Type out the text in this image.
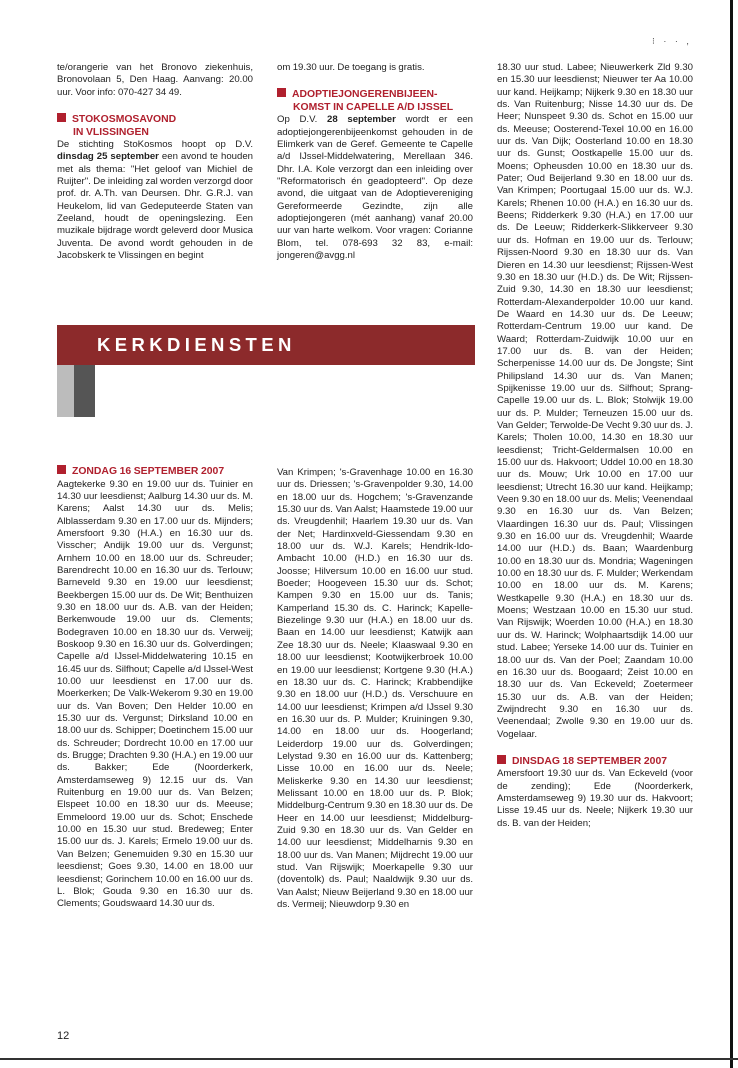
⁝ · · ,

te/orangerie van het Bronovo ziekenhuis, Bronovolaan 5, Den Haag. Aanvang: 20.00 uur. Voor info: 070-427 34 49.

STOKOSMOSAVOND
IN VLISSINGEN

De stichting StoKosmos hoopt op D.V. dinsdag 25 september een avond te houden met als thema: "Het geloof van Michiel de Ruijter". De inleiding zal worden verzorgd door prof. dr. A.Th. van Deursen. Dhr. G.R.J. van Heukelom, lid van Gedeputeerde Staten van Zeeland, houdt de openingslezing. Een muzikale bijdrage wordt geleverd door Musica Juventa. De avond wordt gehouden in de Jacobskerk te Vlissingen en begint

om 19.30 uur. De toegang is gratis.

ADOPTIEJONGERENBIJEEN-
KOMST IN CAPELLE A/D IJSSEL

Op D.V. 28 september wordt er een adoptiejongerenbijeenkomst gehouden in de Elimkerk van de Geref. Gemeente te Capelle a/d IJssel-Middelwatering, Merellaan 346. Dhr. I.A. Kole verzorgt dan een inleiding over "Reformatorisch én geadopteerd". Op deze avond, die uitgaat van de Adoptievereniging Gereformeerde Gezindte, zijn alle adoptiejongeren (mét aanhang) vanaf 20.00 uur van harte welkom. Voor vragen: Corianne Blom, tel. 078-693 32 83, e-mail: jongeren@avgg.nl

KERKDIENSTEN

ZONDAG 16 SEPTEMBER 2007

Aagtekerke 9.30 en 19.00 uur ds. Tuinier en 14.30 uur leesdienst; Aalburg 14.30 uur ds. M. Karens; Aalst 14.30 uur ds. Melis; Alblasserdam 9.30 en 17.00 uur ds. Mijnders; Amersfoort 9.30 (H.A.) en 16.30 uur ds. Visscher; Andijk 19.00 uur ds. Vergunst; Arnhem 10.00 en 18.00 uur ds. Schreuder; Barendrecht 10.00 en 16.30 uur ds. Terlouw; Barneveld 9.30 en 19.00 uur leesdienst; Beekbergen 15.00 uur ds. De Wit; Benthuizen 9.30 en 18.00 uur ds. A.B. van der Heiden; Berkenwoude 19.00 uur ds. Clements; Bodegraven 10.00 en 18.30 uur ds. Verweij; Boskoop 9.30 en 16.30 uur ds. Golverdingen; Capelle a/d IJssel-Middelwatering 10.15 en 16.45 uur ds. Silfhout; Capelle a/d IJssel-West 10.00 uur leesdienst en 17.00 uur ds. Moerkerken; De Valk-Wekerom 9.30 en 19.00 uur ds. Van Boven; Den Helder 10.00 en 15.30 uur ds. Vergunst; Dirksland 10.00 en 18.00 uur ds. Schipper; Doetinchem 15.00 uur ds. Schreuder; Dordrecht 10.00 en 17.00 uur ds. Brugge; Drachten 9.30 (H.A.) en 19.00 uur ds. Bakker; Ede (Noorderkerk, Amsterdamseweg 9) 12.15 uur ds. Van Ruitenburg en 19.00 uur ds. Van Belzen; Elspeet 10.00 en 18.30 uur ds. Meeuse; Emmeloord 19.00 uur ds. Schot; Enschede 10.00 en 15.30 uur stud. Bredeweg; Enter 15.00 uur ds. J. Karels; Ermelo 19.00 uur ds. Van Belzen; Genemuiden 9.30 en 15.30 uur leesdienst; Goes 9.30, 14.00 en 18.00 uur leesdienst; Gorinchem 10.00 en 16.00 uur ds. L. Blok; Gouda 9.30 en 16.30 uur ds. Clements; Goudswaard 14.30 uur ds.

Van Krimpen; 's-Gravenhage 10.00 en 16.30 uur ds. Driessen; 's-Gravenpolder 9.30, 14.00 en 18.00 uur ds. Hogchem; 's-Gravenzande 15.30 uur ds. Van Aalst; Haamstede 19.00 uur ds. Vreugdenhil; Haarlem 19.30 uur ds. Van der Net; Hardinxveld-Giessendam 9.30 en 18.00 uur ds. W.J. Karels; Hendrik-Ido-Ambacht 10.00 (H.D.) en 16.30 uur ds. Joosse; Hilversum 10.00 en 16.00 uur stud. Boeder; Hoogeveen 15.30 uur ds. Schot; Kampen 9.30 en 15.00 uur ds. Tanis; Kamperland 15.30 ds. C. Harinck; Kapelle-Biezelinge 9.30 uur (H.A.) en 18.00 uur ds. Baan en 14.00 uur leesdienst; Katwijk aan Zee 18.30 uur ds. Neele; Klaaswaal 9.30 en 18.00 uur leesdienst; Kootwijkerbroek 10.00 en 19.00 uur leesdienst; Kortgene 9.30 (H.A.) en 18.30 uur ds. C. Harinck; Krabbendijke 9.30 en 18.00 uur (H.D.) ds. Verschuure en 14.00 uur leesdienst; Krimpen a/d IJssel 9.30 en 16.30 uur ds. P. Mulder; Kruiningen 9.30, 14.00 en 18.00 uur ds. Hoogerland; Leiderdorp 19.00 uur ds. Golverdingen; Lelystad 9.30 en 16.00 uur ds. Kattenberg; Lisse 10.00 en 16.00 uur ds. Neele; Meliskerke 9.30 en 14.30 uur leesdienst; Melissant 10.00 en 18.00 uur ds. P. Blok; Middelburg-Centrum 9.30 en 18.30 uur ds. De Heer en 14.00 uur leesdienst; Middelburg-Zuid 9.30 en 18.30 uur ds. Van Gelder en 14.00 uur leesdienst; Middelharnis 9.30 en 18.00 uur ds. Van Manen; Mijdrecht 19.00 uur stud. Van Rijswijk; Moerkapelle 9.30 uur (doventolk) ds. Paul; Naaldwijk 9.30 uur ds. Van Aalst; Nieuw Beijerland 9.30 en 18.00 uur ds. Vermeij; Nieuwdorp 9.30 en

18.30 uur stud. Labee; Nieuwerkerk Zld 9.30 en 15.30 uur leesdienst; Nieuwer ter Aa 10.00 uur kand. Heijkamp; Nijkerk 9.30 en 18.30 uur ds. Van Ruitenburg; Nisse 14.30 uur ds. De Heer; Nunspeet 9.30 ds. Schot en 15.00 uur ds. Meeuse; Oosterend-Texel 10.00 en 16.00 uur ds. Van Dijk; Oosterland 10.00 en 18.30 uur ds. Gunst; Oostkapelle 15.00 uur ds. Moens; Opheusden 10.00 en 18.30 uur ds. Pater; Oud Beijerland 9.30 en 18.00 uur ds. Van Krimpen; Poortugaal 15.00 uur ds. W.J. Karels; Rhenen 10.00 (H.A.) en 16.30 uur ds. Beens; Ridderkerk 9.30 (H.A.) en 17.00 uur ds. De Leeuw; Ridderkerk-Slikkerveer 9.30 uur ds. Hofman en 19.00 uur ds. Terlouw; Rijssen-Noord 9.30 en 18.30 uur ds. Van Dieren en 14.30 uur leesdienst; Rijssen-West 9.30 en 18.30 uur (H.D.) ds. De Wit; Rijssen-Zuid 9.30, 14.30 en 18.30 uur leesdienst; Rotterdam-Alexanderpolder 10.00 uur kand. De Waard en 14.30 uur ds. De Leeuw; Rotterdam-Centrum 19.00 uur kand. De Waard; Rotterdam-Zuidwijk 10.00 uur en 17.00 uur ds. B. van der Heiden; Scherpenisse 14.00 uur ds. De Jongste; Sint Philipsland 14.30 uur ds. Van Manen; Spijkenisse 19.00 uur ds. Silfhout; Sprang-Capelle 19.00 uur ds. L. Blok; Stolwijk 19.00 uur ds. P. Mulder; Terneuzen 15.00 uur ds. Van Gelder; Terwolde-De Vecht 9.30 uur ds. J. Karels; Tholen 10.00, 14.30 en 18.30 uur leesdienst; Tricht-Geldermalsen 10.00 en 15.00 uur ds. Hakvoort; Uddel 10.00 en 18.30 uur ds. Mouw; Urk 10.00 en 17.00 uur leesdienst; Utrecht 16.30 uur kand. Heijkamp; Veen 9.30 en 18.00 uur ds. Melis; Veenendaal 9.30 en 16.30 uur ds. Van Belzen; Vlaardingen 16.30 uur ds. Paul; Vlissingen 9.30 en 16.00 uur ds. Vreugdenhil; Waarde 14.00 uur (H.D.) ds. Baan; Waardenburg 10.00 en 18.30 uur ds. Mondria; Wageningen 10.00 en 18.30 uur ds. F. Mulder; Werkendam 10.00 en 18.00 uur ds. M. Karens; Westkapelle 9.30 (H.A.) en 18.30 uur ds. Moens; Westzaan 10.00 en 15.30 uur stud. Van Rijswijk; Woerden 10.00 (H.A.) en 18.30 uur ds. W. Harinck; Wolphaartsdijk 14.00 uur stud. Labee; Yerseke 14.00 uur ds. Tuinier en 18.00 uur ds. Van der Poel; Zaandam 10.00 en 16.30 uur ds. Boogaard; Zeist 10.00 en 18.30 uur ds. Van Eckeveld; Zoetermeer 15.30 uur ds. A.B. van der Heiden; Zwijndrecht 9.30 en 16.30 uur ds. Veenendaal; Zwolle 9.30 en 19.00 uur ds. Vogelaar.

DINSDAG 18 SEPTEMBER 2007

Amersfoort 19.30 uur ds. Van Eckeveld (voor de zending); Ede (Noorderkerk, Amsterdamseweg 9) 19.30 uur ds. Hakvoort; Lisse 19.45 uur ds. Neele; Nijkerk 19.30 uur ds. B. van der Heiden;

12
